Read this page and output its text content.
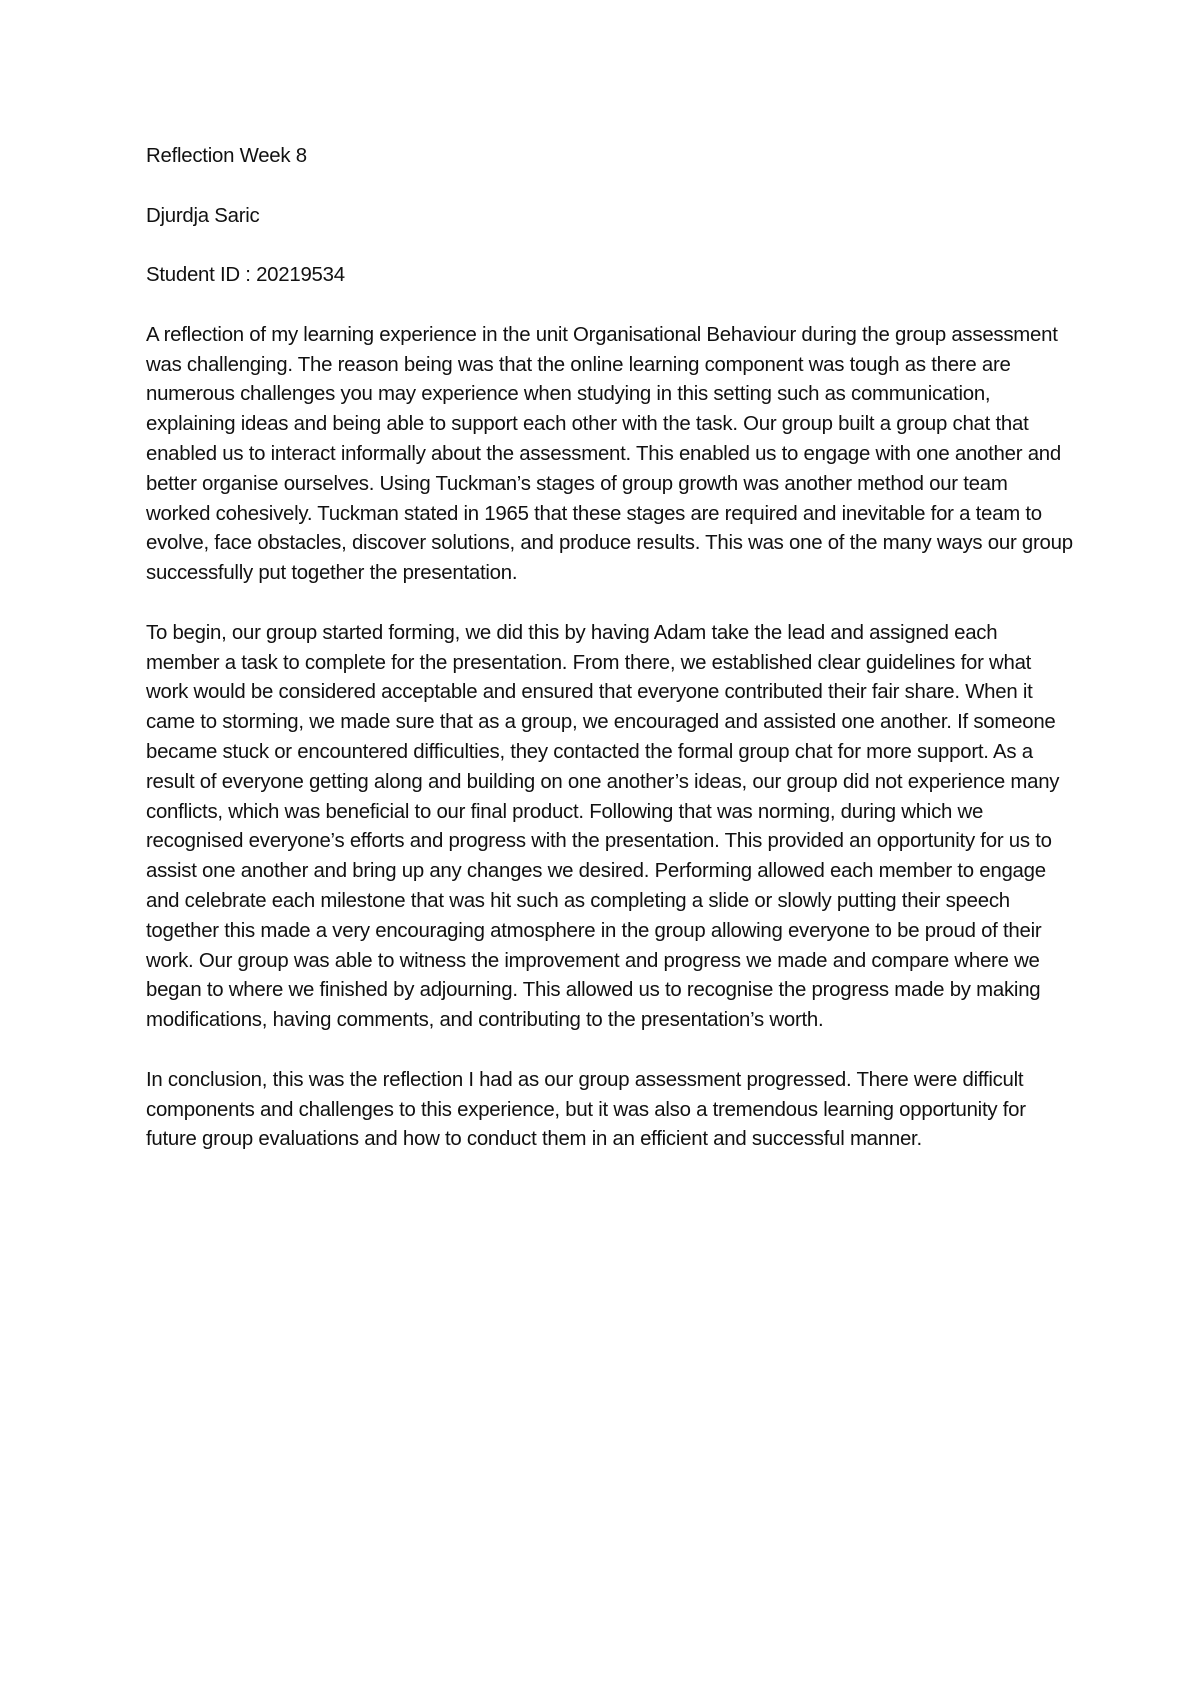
Reflection Week 8

Djurdja Saric

Student ID : 20219534

A reflection of my learning experience in the unit Organisational Behaviour during the group assessment was challenging. The reason being was that the online learning component was tough as there are numerous challenges you may experience when studying in this setting such as communication, explaining ideas and being able to support each other with the task. Our group built a group chat that enabled us to interact informally about the assessment. This enabled us to engage with one another and better organise ourselves. Using Tuckman’s stages of group growth was another method our team worked cohesively. Tuckman stated in 1965 that these stages are required and inevitable for a team to evolve, face obstacles, discover solutions, and produce results. This was one of the many ways our group successfully put together the presentation.

To begin, our group started forming, we did this by having Adam take the lead and assigned each member a task to complete for the presentation. From there, we established clear guidelines for what work would be considered acceptable and ensured that everyone contributed their fair share. When it came to storming, we made sure that as a group, we encouraged and assisted one another. If someone became stuck or encountered difficulties, they contacted the formal group chat for more support. As a result of everyone getting along and building on one another’s ideas, our group did not experience many conflicts, which was beneficial to our final product. Following that was norming, during which we recognised everyone’s efforts and progress with the presentation. This provided an opportunity for us to assist one another and bring up any changes we desired. Performing allowed each member to engage and celebrate each milestone that was hit such as completing a slide or slowly putting their speech together this made a very encouraging atmosphere in the group allowing everyone to be proud of their work. Our group was able to witness the improvement and progress we made and compare where we began to where we finished by adjourning. This allowed us to recognise the progress made by making modifications, having comments, and contributing to the presentation’s worth.

In conclusion, this was the reflection I had as our group assessment progressed. There were difficult components and challenges to this experience, but it was also a tremendous learning opportunity for future group evaluations and how to conduct them in an efficient and successful manner.
